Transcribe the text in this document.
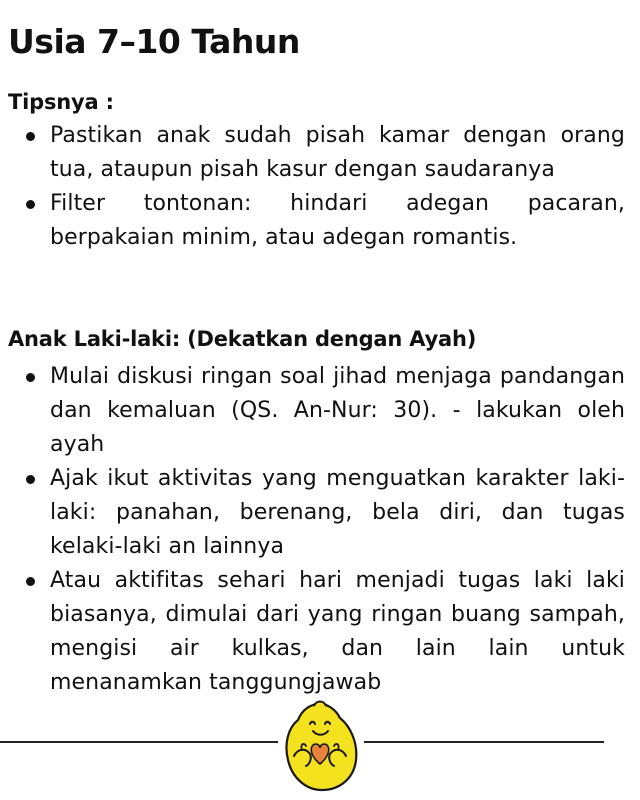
Usia 7–10 Tahun
Tipsnya :
Pastikan anak sudah pisah kamar dengan orang tua, ataupun pisah kasur dengan saudaranya
Filter tontonan: hindari adegan pacaran, berpakaian minim, atau adegan romantis.
Anak Laki-laki: (Dekatkan dengan Ayah)
Mulai diskusi ringan soal jihad menjaga pandangan dan kemaluan (QS. An-Nur: 30). - lakukan oleh ayah
Ajak ikut aktivitas yang menguatkan karakter laki-laki: panahan, berenang, bela diri, dan tugas kelaki-laki an lainnya
Atau aktifitas sehari hari menjadi tugas laki laki biasanya, dimulai dari yang ringan buang sampah, mengisi air kulkas, dan lain lain untuk menanamkan tanggungjawab
